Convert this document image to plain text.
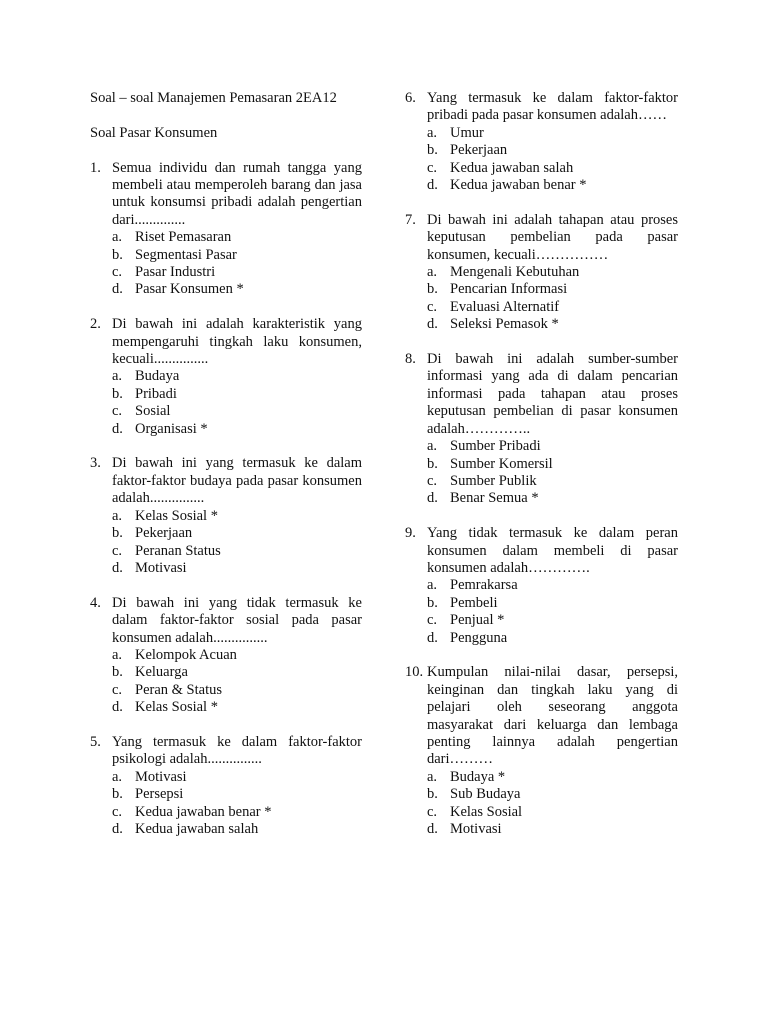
Soal – soal Manajemen Pemasaran 2EA12

Soal Pasar Konsumen

1. Semua individu dan rumah tangga yang membeli atau memperoleh barang dan jasa untuk konsumsi pribadi adalah pengertian dari..............
a. Riset Pemasaran
b. Segmentasi Pasar
c. Pasar Industri
d. Pasar Konsumen *
2. Di bawah ini adalah karakteristik yang mempengaruhi tingkah laku konsumen, kecuali...............
a. Budaya
b. Pribadi
c. Sosial
d. Organisasi *
3. Di bawah ini yang termasuk ke dalam faktor-faktor budaya pada pasar konsumen adalah...............
a. Kelas Sosial *
b. Pekerjaan
c. Peranan Status
d. Motivasi
4. Di bawah ini yang tidak termasuk ke dalam faktor-faktor sosial pada pasar konsumen adalah...............
a. Kelompok Acuan
b. Keluarga
c. Peran & Status
d. Kelas Sosial *
5. Yang termasuk ke dalam faktor-faktor psikologi adalah...............
a. Motivasi
b. Persepsi
c. Kedua jawaban benar *
d. Kedua jawaban salah
6. Yang termasuk ke dalam faktor-faktor pribadi pada pasar konsumen adalah……
a. Umur
b. Pekerjaan
c. Kedua jawaban salah
d. Kedua jawaban benar *
7. Di bawah ini adalah tahapan atau proses keputusan pembelian pada pasar konsumen, kecuali……………
a. Mengenali Kebutuhan
b. Pencarian Informasi
c. Evaluasi Alternatif
d. Seleksi Pemasok *
8. Di bawah ini adalah sumber-sumber informasi yang ada di dalam pencarian informasi pada tahapan atau proses keputusan pembelian di pasar konsumen adalah…………..
a. Sumber Pribadi
b. Sumber Komersil
c. Sumber Publik
d. Benar Semua *
9. Yang tidak termasuk ke dalam peran konsumen dalam membeli di pasar konsumen adalah………….
a. Pemrakarsa
b. Pembeli
c. Penjual *
d. Pengguna
10. Kumpulan nilai-nilai dasar, persepsi, keinginan dan tingkah laku yang di pelajari oleh seseorang anggota masyarakat dari keluarga dan lembaga penting lainnya adalah pengertian dari………
a. Budaya *
b. Sub Budaya
c. Kelas Sosial
d. Motivasi
